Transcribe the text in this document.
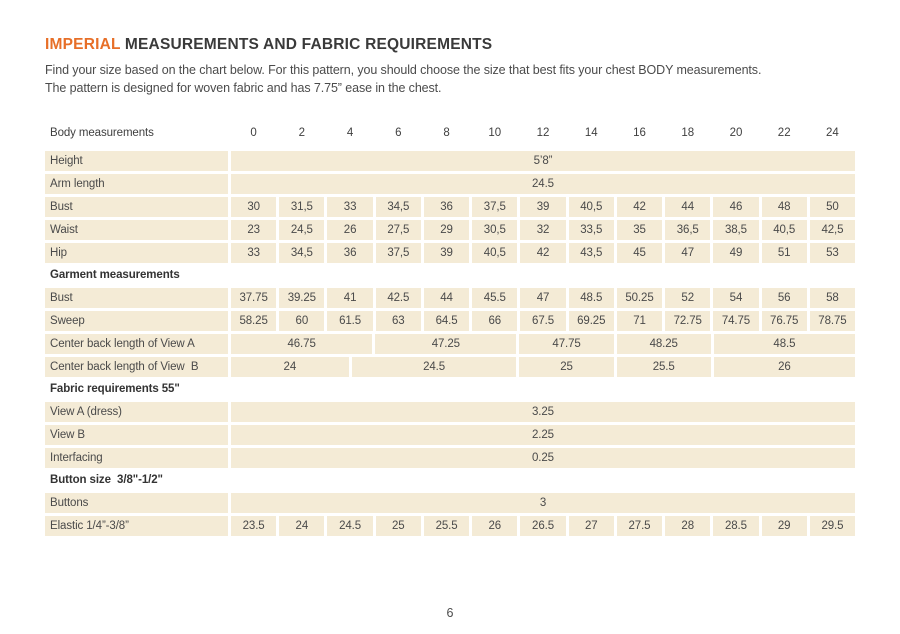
IMPERIAL MEASUREMENTS AND FABRIC REQUIREMENTS

Find your size based on the chart below. For this pattern, you should choose the size that best fits your chest BODY measurements.
The pattern is designed for woven fabric and has 7.75” ease in the chest.

Body measurements	0	2	4	6	8	10	12	14	16	18	20	22	24
Height	5’8”
Arm length	24.5
Bust	30	31,5	33	34,5	36	37,5	39	40,5	42	44	46	48	50
Waist	23	24,5	26	27,5	29	30,5	32	33,5	35	36,5	38,5	40,5	42,5
Hip	33	34,5	36	37,5	39	40,5	42	43,5	45	47	49	51	53
Garment measurements
Bust	37.75	39.25	41	42.5	44	45.5	47	48.5	50.25	52	54	56	58
Sweep	58.25	60	61.5	63	64.5	66	67.5	69.25	71	72.75	74.75	76.75	78.75
Center back length of View A	46.75	47.25	47.75	48.25	48.5
Center back length of View  B	24	24.5	25	25.5	26
Fabric requirements 55"
View A (dress)	3.25
View B	2.25
Interfacing	0.25
Button size  3/8"-1/2"
Buttons	3
Elastic 1/4”-3/8”	23.5	24	24.5	25	25.5	26	26.5	27	27.5	28	28.5	29	29.5
6
